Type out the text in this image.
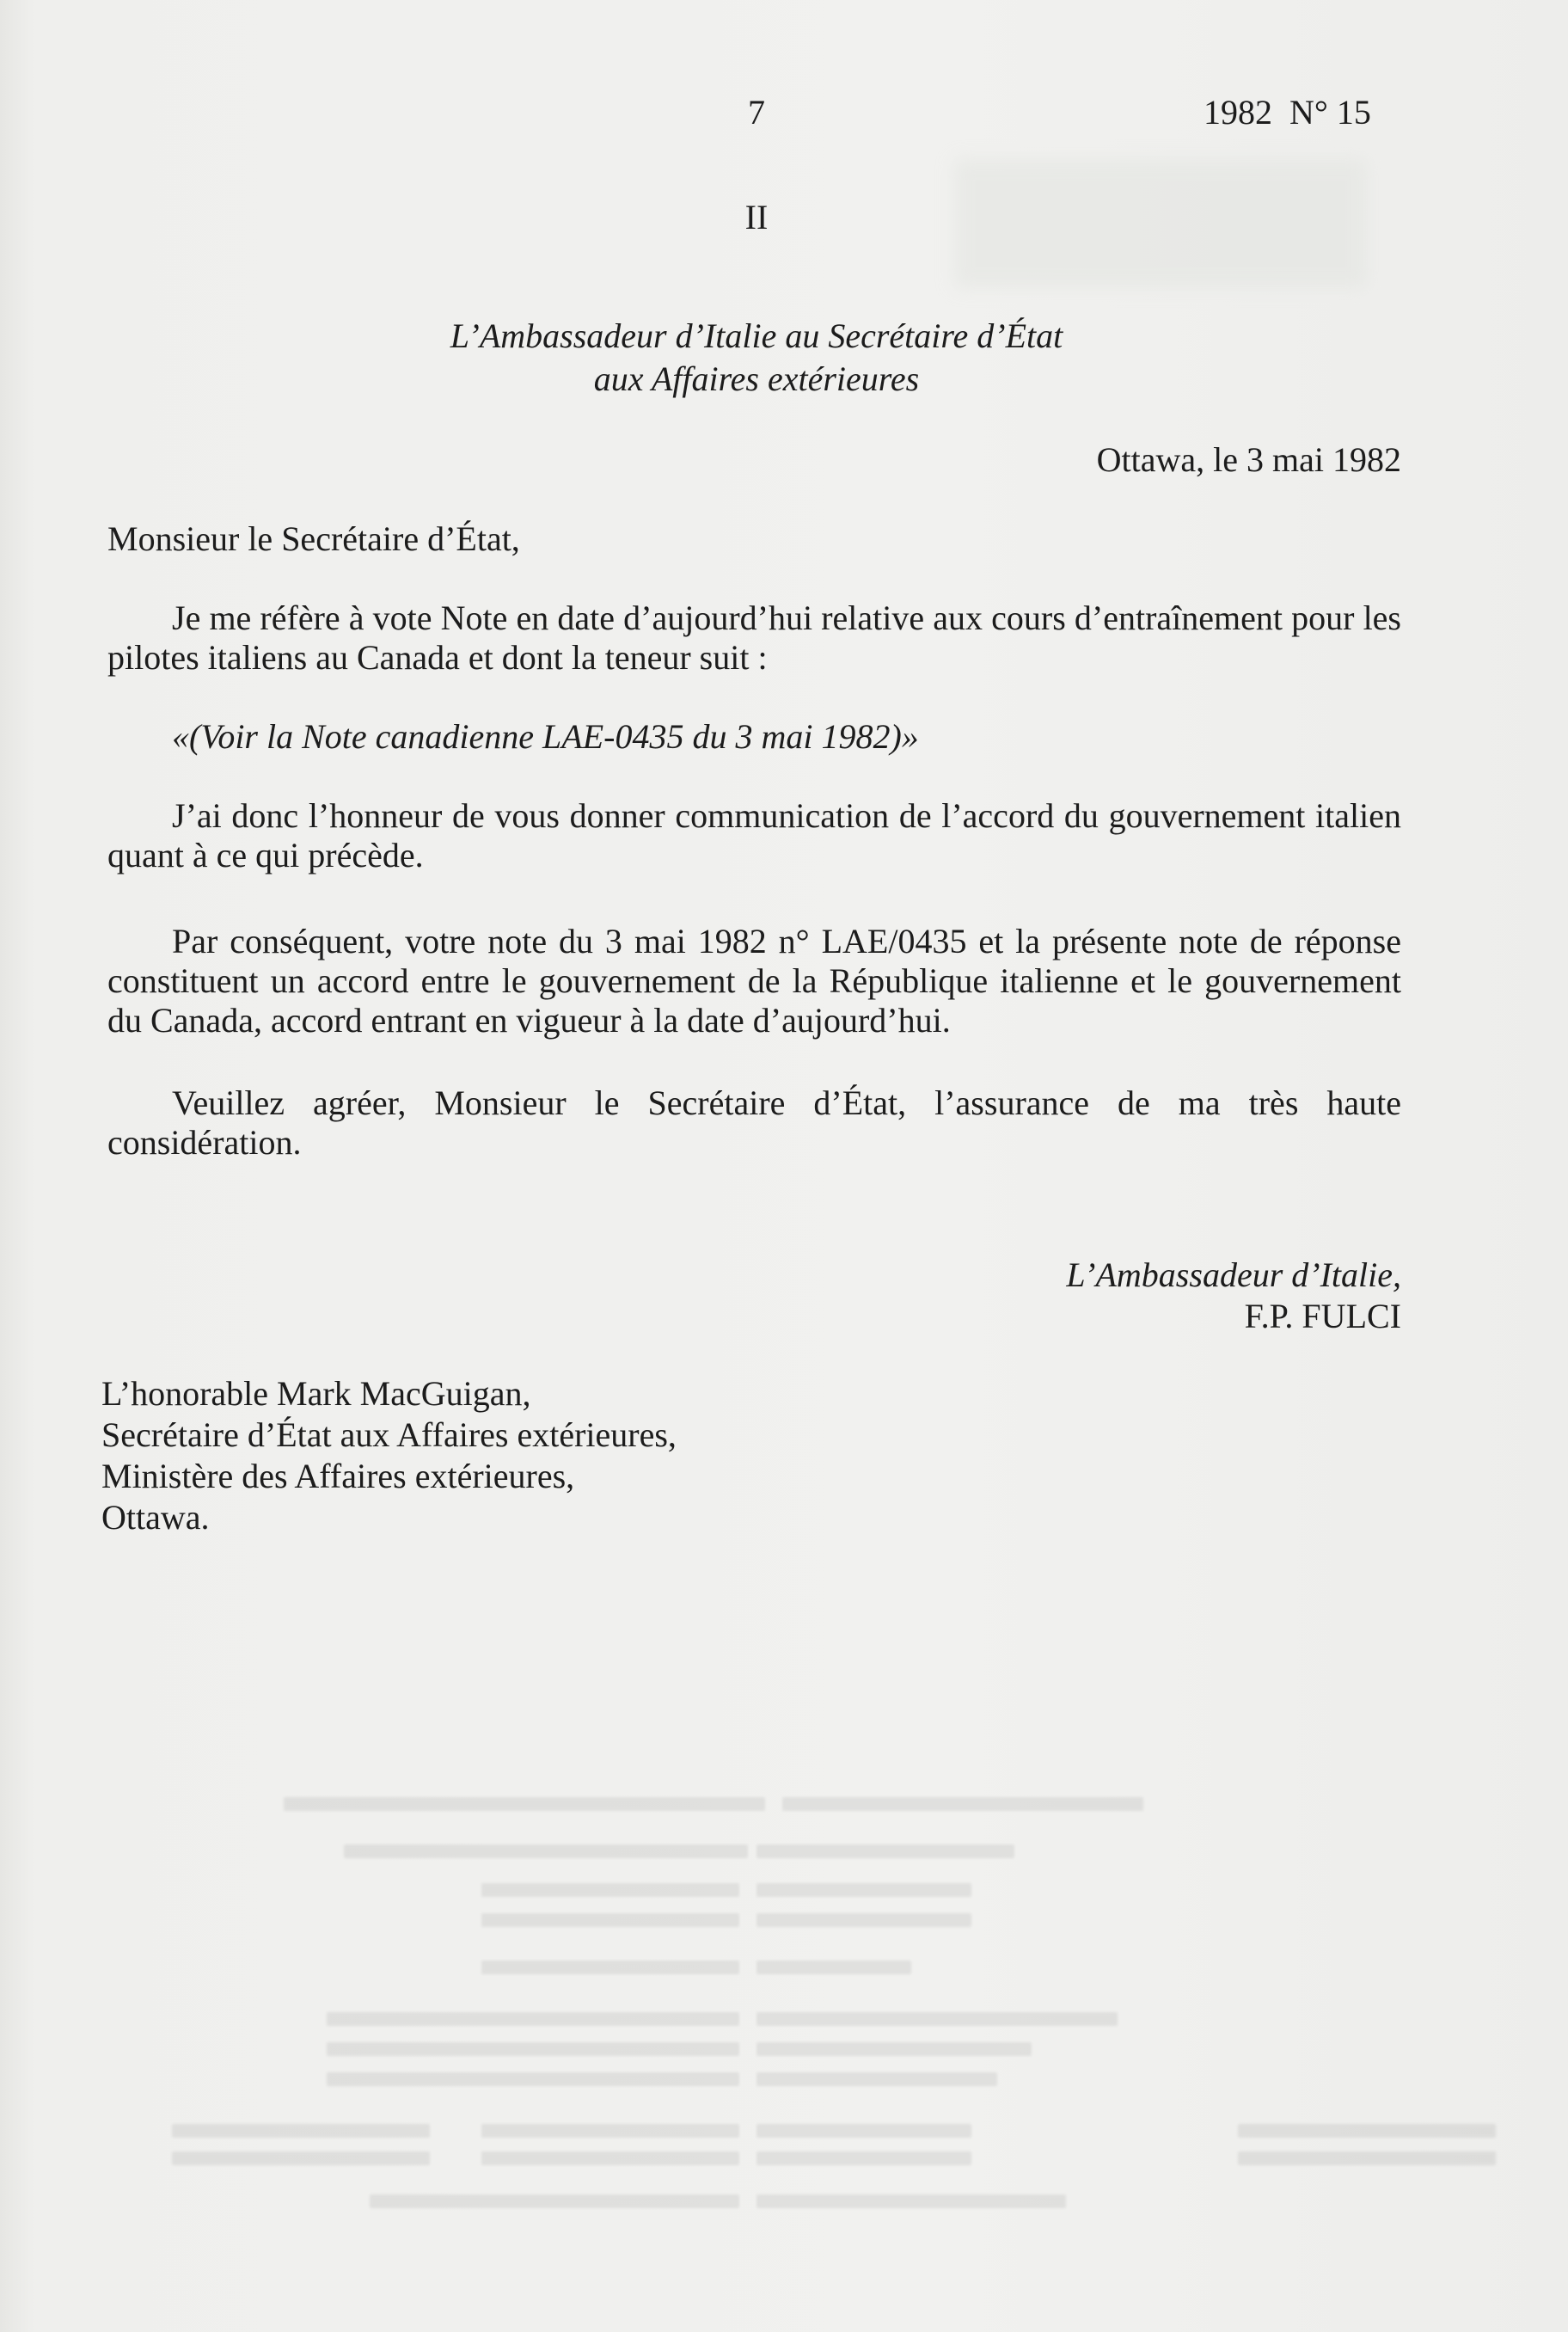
7	1982  N° 15

II

L’Ambassadeur d’Italie au Secrétaire d’État

aux Affaires extérieures

Ottawa, le 3 mai 1982

Monsieur le Secrétaire d’État,

Je me réfère à vote Note en date d’aujourd’hui relative aux cours d’entraînement pour les pilotes italiens au Canada et dont la teneur suit :

«(Voir la Note canadienne LAE-0435 du 3 mai 1982)»

J’ai donc l’honneur de vous donner communication de l’accord du gouvernement italien quant à ce qui précède.

Par conséquent, votre note du 3 mai 1982 n° LAE/0435 et la présente note de réponse constituent un accord entre le gouvernement de la République italienne et le gouvernement du Canada, accord entrant en vigueur à la date d’aujourd’hui.

Veuillez agréer, Monsieur le Secrétaire d’État, l’assurance de ma très haute considération.

L’Ambassadeur d’Italie,

F.P. FULCI

L’honorable Mark MacGuigan,

Secrétaire d’État aux Affaires extérieures,

Ministère des Affaires extérieures,

Ottawa.
